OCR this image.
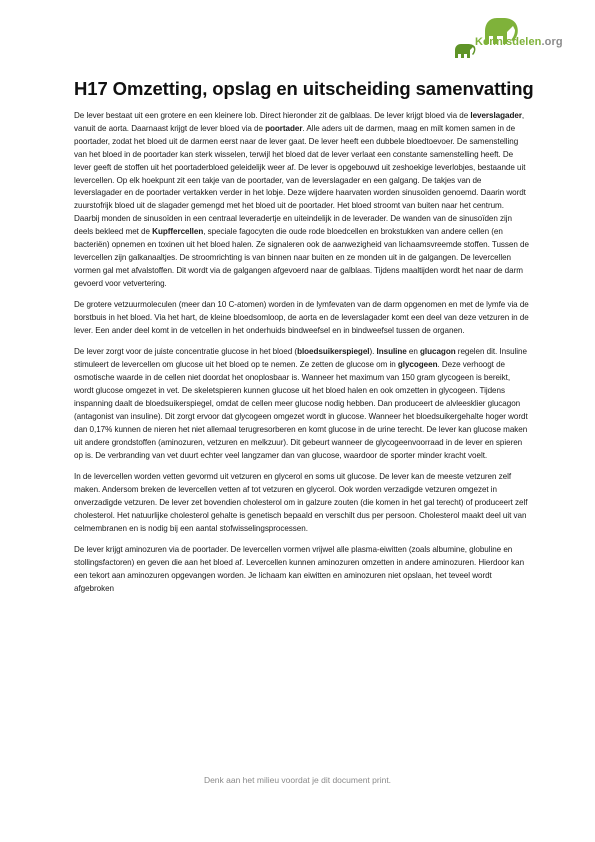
Kennisdelen.org
H17 Omzetting, opslag en uitscheiding samenvatting

De lever bestaat uit een grotere en een kleinere lob. Direct hieronder zit de galblaas. De lever krijgt bloed via de leverslagader, vanuit de aorta. Daarnaast krijgt de lever bloed via de poortader. Alle aders uit de darmen, maag en milt komen samen in de poortader, zodat het bloed uit de darmen eerst naar de lever gaat. De lever heeft een dubbele bloedtoevoer. De samenstelling van het bloed in de poortader kan sterk wisselen, terwijl het bloed dat de lever verlaat een constante samenstelling heeft. De lever geeft de stoffen uit het poortaderbloed geleidelijk weer af. De lever is opgebouwd uit zeshoekige leverlobjes, bestaande uit levercellen. Op elk hoekpunt zit een takje van de poortader, van de leverslagader en een galgang. De takjes van de leverslagader en de poortader vertakken verder in het lobje. Deze wijdere haarvaten worden sinusoïden genoemd. Daarin wordt zuurstofrijk bloed uit de slagader gemengd met het bloed uit de poortader. Het bloed stroomt van buiten naar het centrum. Daarbij monden de sinusoïden in een centraal leveradertje en uiteindelijk in de leverader. De wanden van de sinusoïden zijn deels bekleed met de Kupffercellen, speciale fagocyten die oude rode bloedcellen en brokstukken van andere cellen (en bacteriën) opnemen en toxinen uit het bloed halen. Ze signaleren ook de aanwezigheid van lichaamsvreemde stoffen. Tussen de levercellen zijn galkanaaltjes. De stroomrichting is van binnen naar buiten en ze monden uit in de galgangen. De levercellen vormen gal met afvalstoffen. Dit wordt via de galgangen afgevoerd naar de galblaas. Tijdens maaltijden wordt het naar de darm gevoerd voor vetvertering.

De grotere vetzuurmoleculen (meer dan 10 C-atomen) worden in de lymfevaten van de darm opgenomen en met de lymfe via de borstbuis in het bloed. Via het hart, de kleine bloedsomloop, de aorta en de leverslagader komt een deel van deze vetzuren in de lever. Een ander deel komt in de vetcellen in het onderhuids bindweefsel en in bindweefsel tussen de organen.

De lever zorgt voor de juiste concentratie glucose in het bloed (bloedsuikerspiegel). Insuline en glucagon regelen dit. Insuline stimuleert de levercellen om glucose uit het bloed op te nemen. Ze zetten de glucose om in glycogeen. Deze verhoogt de osmotische waarde in de cellen niet doordat het onoplosbaar is. Wanneer het maximum van 150 gram glycogeen is bereikt, wordt glucose omgezet in vet. De skeletspieren kunnen glucose uit het bloed halen en ook omzetten in glycogeen. Tijdens inspanning daalt de bloedsuikerspiegel, omdat de cellen meer glucose nodig hebben. Dan produceert de alvleesklier glucagon (antagonist van insuline). Dit zorgt ervoor dat glycogeen omgezet wordt in glucose. Wanneer het bloedsuikergehalte hoger wordt dan 0,17% kunnen de nieren het niet allemaal terugresorberen en komt glucose in de urine terecht. De lever kan glucose maken uit andere grondstoffen (aminozuren, vetzuren en melkzuur). Dit gebeurt wanneer de glycogeenvoorraad in de lever en spieren op is. De verbranding van vet duurt echter veel langzamer dan van glucose, waardoor de sporter minder kracht voelt.

In de levercellen worden vetten gevormd uit vetzuren en glycerol en soms uit glucose. De lever kan de meeste vetzuren zelf maken. Andersom breken de levercellen vetten af tot vetzuren en glycerol. Ook worden verzadigde vetzuren omgezet in onverzadigde vetzuren. De lever zet bovendien cholesterol om in galzure zouten (die komen in het gal terecht) of produceert zelf cholesterol. Het natuurlijke cholesterol gehalte is genetisch bepaald en verschilt dus per persoon. Cholesterol maakt deel uit van celmembranen en is nodig bij een aantal stofwisselingsprocessen.

De lever krijgt aminozuren via de poortader. De levercellen vormen vrijwel alle plasma-eiwitten (zoals albumine, globuline en stollingsfactoren) en geven die aan het bloed af. Levercellen kunnen aminozuren omzetten in andere aminozuren. Hierdoor kan een tekort aan aminozuren opgevangen worden. Je lichaam kan eiwitten en aminozuren niet opslaan, het teveel wordt afgebroken

Denk aan het milieu voordat je dit document print.
